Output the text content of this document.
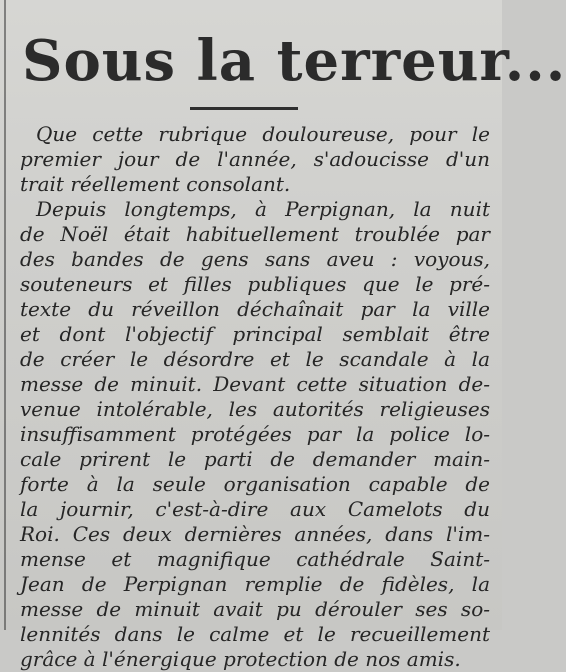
Sous la terreur...
Que cette rubrique douloureuse, pour le
premier jour de l'année, s'adoucisse d'un
trait réellement consolant.
Depuis longtemps, à Perpignan, la nuit
de Noël était habituellement troublée par
des bandes de gens sans aveu : voyous,
souteneurs et filles publiques que le pré-
texte du réveillon déchaînait par la ville
et dont l'objectif principal semblait être
de créer le désordre et le scandale à la
messe de minuit. Devant cette situation de-
venue intolérable, les autorités religieuses
insuffisamment protégées par la police lo-
cale prirent le parti de demander main-
forte à la seule organisation capable de
la journir, c'est-à-dire aux Camelots du
Roi. Ces deux dernières années, dans l'im-
mense et magnifique cathédrale Saint-
Jean de Perpignan remplie de fidèles, la
messe de minuit avait pu dérouler ses so-
lennités dans le calme et le recueillement
grâce à l'énergique protection de nos amis.
